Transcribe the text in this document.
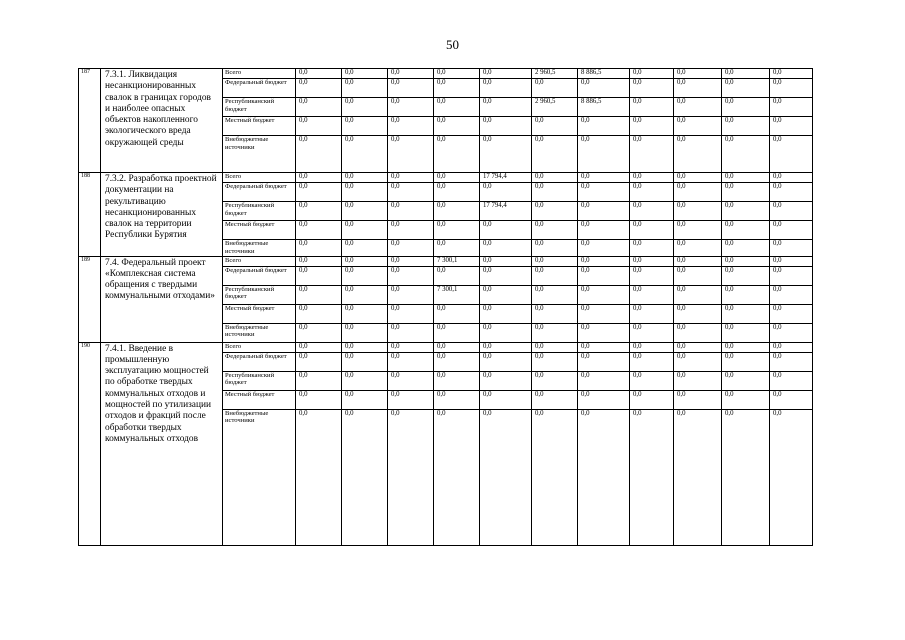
50
187	7.3.1. Ликвидация несанкционированных свалок в границах городов и наиболее опасных объектов накопленного экологического вреда окружающей среды	Всего	0,0	0,0	0,0	0,0	0,0	2 960,5	8 886,5	0,0	0,0	0,0	0,0
		Федеральный бюджет	0,0	0,0	0,0	0,0	0,0	0,0	0,0	0,0	0,0	0,0	0,0
		Республиканский бюджет	0,0	0,0	0,0	0,0	0,0	2 960,5	8 886,5	0,0	0,0	0,0	0,0
		Местный бюджет	0,0	0,0	0,0	0,0	0,0	0,0	0,0	0,0	0,0	0,0	0,0
		Внебюджетные источники	0,0	0,0	0,0	0,0	0,0	0,0	0,0	0,0	0,0	0,0	0,0
188	7.3.2. Разработка проектной документации на рекультивацию несанкционированных свалок на территории Республики Бурятия	Всего	0,0	0,0	0,0	0,0	17 794,4	0,0	0,0	0,0	0,0	0,0	0,0
		Федеральный бюджет	0,0	0,0	0,0	0,0	0,0	0,0	0,0	0,0	0,0	0,0	0,0
		Республиканский бюджет	0,0	0,0	0,0	0,0	17 794,4	0,0	0,0	0,0	0,0	0,0	0,0
		Местный бюджет	0,0	0,0	0,0	0,0	0,0	0,0	0,0	0,0	0,0	0,0	0,0
		Внебюджетные источники	0,0	0,0	0,0	0,0	0,0	0,0	0,0	0,0	0,0	0,0	0,0
189	7.4. Федеральный проект «Комплексная система обращения с твердыми коммунальными отходами»	Всего	0,0	0,0	0,0	7 300,1	0,0	0,0	0,0	0,0	0,0	0,0	0,0
		Федеральный бюджет	0,0	0,0	0,0	0,0	0,0	0,0	0,0	0,0	0,0	0,0	0,0
		Республиканский бюджет	0,0	0,0	0,0	7 300,1	0,0	0,0	0,0	0,0	0,0	0,0	0,0
		Местный бюджет	0,0	0,0	0,0	0,0	0,0	0,0	0,0	0,0	0,0	0,0	0,0
		Внебюджетные источники	0,0	0,0	0,0	0,0	0,0	0,0	0,0	0,0	0,0	0,0	0,0
190	7.4.1. Введение в промышленную эксплуатацию мощностей по обработке твердых коммунальных отходов и мощностей по утилизации отходов и фракций после обработки твердых коммунальных отходов	Всего	0,0	0,0	0,0	0,0	0,0	0,0	0,0	0,0	0,0	0,0	0,0
		Федеральный бюджет	0,0	0,0	0,0	0,0	0,0	0,0	0,0	0,0	0,0	0,0	0,0
		Республиканский бюджет	0,0	0,0	0,0	0,0	0,0	0,0	0,0	0,0	0,0	0,0	0,0
		Местный бюджет	0,0	0,0	0,0	0,0	0,0	0,0	0,0	0,0	0,0	0,0	0,0
		Внебюджетные источники	0,0	0,0	0,0	0,0	0,0	0,0	0,0	0,0	0,0	0,0	0,0
